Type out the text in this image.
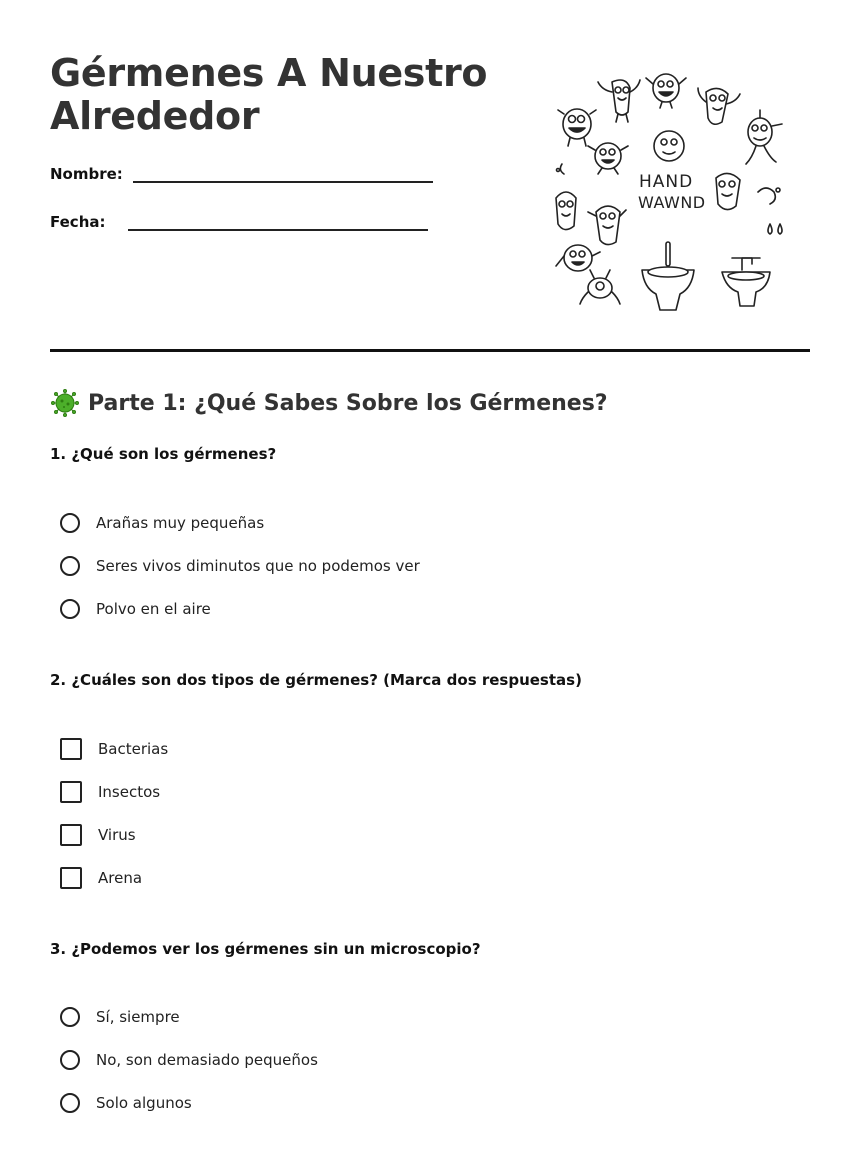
Gérmenes A Nuestro Alrededor
Nombre:
Fecha:
HAND
WAWND
Parte 1: ¿Qué Sabes Sobre los Gérmenes?
1. ¿Qué son los gérmenes?
Arañas muy pequeñas
Seres vivos diminutos que no podemos ver
Polvo en el aire
2. ¿Cuáles son dos tipos de gérmenes? (Marca dos respuestas)
Bacterias
Insectos
Virus
Arena
3. ¿Podemos ver los gérmenes sin un microscopio?
Sí, siempre
No, son demasiado pequeños
Solo algunos
